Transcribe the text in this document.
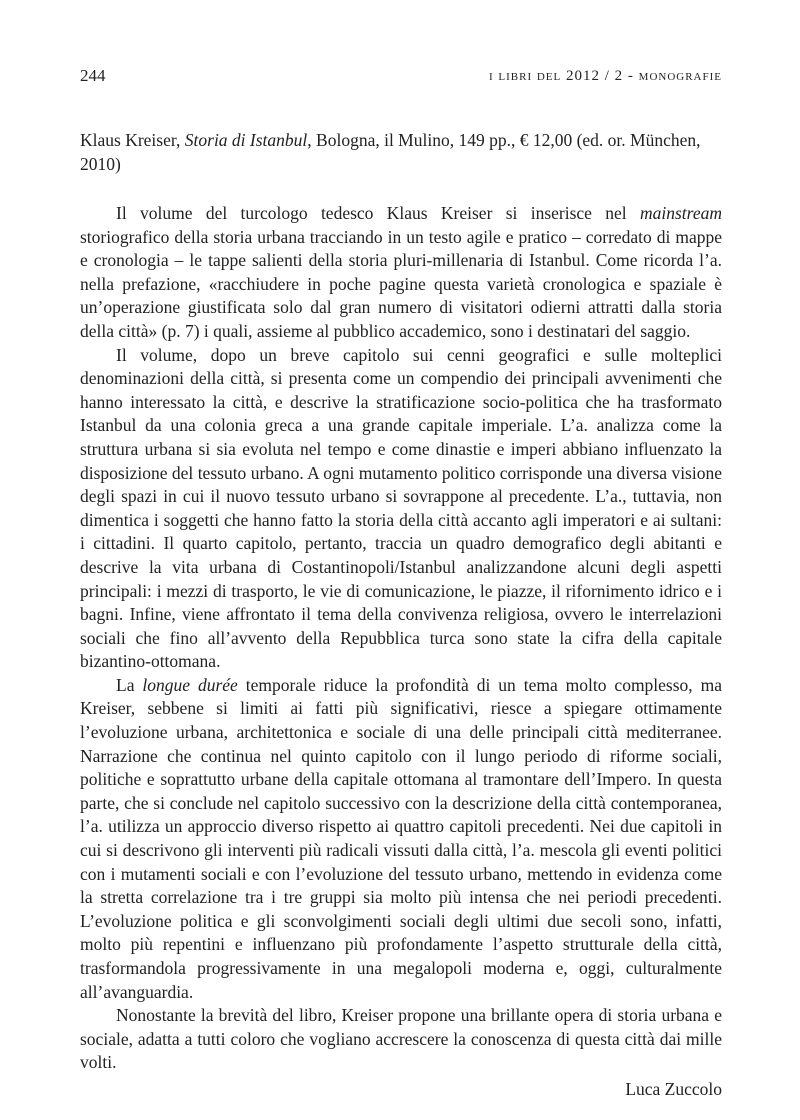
244	i libri del 2012 / 2 - monografie

Klaus Kreiser, Storia di Istanbul, Bologna, il Mulino, 149 pp., € 12,00 (ed. or. München, 2010)

Il volume del turcologo tedesco Klaus Kreiser si inserisce nel mainstream storiografico della storia urbana tracciando in un testo agile e pratico – corredato di mappe e cronologia – le tappe salienti della storia pluri-millenaria di Istanbul. Come ricorda l’a. nella prefazione, «racchiudere in poche pagine questa varietà cronologica e spaziale è un’operazione giustificata solo dal gran numero di visitatori odierni attratti dalla storia della città» (p. 7) i quali, assieme al pubblico accademico, sono i destinatari del saggio.

Il volume, dopo un breve capitolo sui cenni geografici e sulle molteplici denominazioni della città, si presenta come un compendio dei principali avvenimenti che hanno interessato la città, e descrive la stratificazione socio-politica che ha trasformato Istanbul da una colonia greca a una grande capitale imperiale. L’a. analizza come la struttura urbana si sia evoluta nel tempo e come dinastie e imperi abbiano influenzato la disposizione del tessuto urbano. A ogni mutamento politico corrisponde una diversa visione degli spazi in cui il nuovo tessuto urbano si sovrappone al precedente. L’a., tuttavia, non dimentica i soggetti che hanno fatto la storia della città accanto agli imperatori e ai sultani: i cittadini. Il quarto capitolo, pertanto, traccia un quadro demografico degli abitanti e descrive la vita urbana di Costantinopoli/Istanbul analizzandone alcuni degli aspetti principali: i mezzi di trasporto, le vie di comunicazione, le piazze, il rifornimento idrico e i bagni. Infine, viene affrontato il tema della convivenza religiosa, ovvero le interrelazioni sociali che fino all’avvento della Repubblica turca sono state la cifra della capitale bizantino-ottomana.

La longue durée temporale riduce la profondità di un tema molto complesso, ma Kreiser, sebbene si limiti ai fatti più significativi, riesce a spiegare ottimamente l’evoluzione urbana, architettonica e sociale di una delle principali città mediterranee. Narrazione che continua nel quinto capitolo con il lungo periodo di riforme sociali, politiche e soprattutto urbane della capitale ottomana al tramontare dell’Impero. In questa parte, che si conclude nel capitolo successivo con la descrizione della città contemporanea, l’a. utilizza un approccio diverso rispetto ai quattro capitoli precedenti. Nei due capitoli in cui si descrivono gli interventi più radicali vissuti dalla città, l’a. mescola gli eventi politici con i mutamenti sociali e con l’evoluzione del tessuto urbano, mettendo in evidenza come la stretta correlazione tra i tre gruppi sia molto più intensa che nei periodi precedenti. L’evoluzione politica e gli sconvolgimenti sociali degli ultimi due secoli sono, infatti, molto più repentini e influenzano più profondamente l’aspetto strutturale della città, trasformandola progressivamente in una megalopoli moderna e, oggi, culturalmente all’avanguardia.

Nonostante la brevità del libro, Kreiser propone una brillante opera di storia urbana e sociale, adatta a tutti coloro che vogliano accrescere la conoscenza di questa città dai mille volti.

Luca Zuccolo
